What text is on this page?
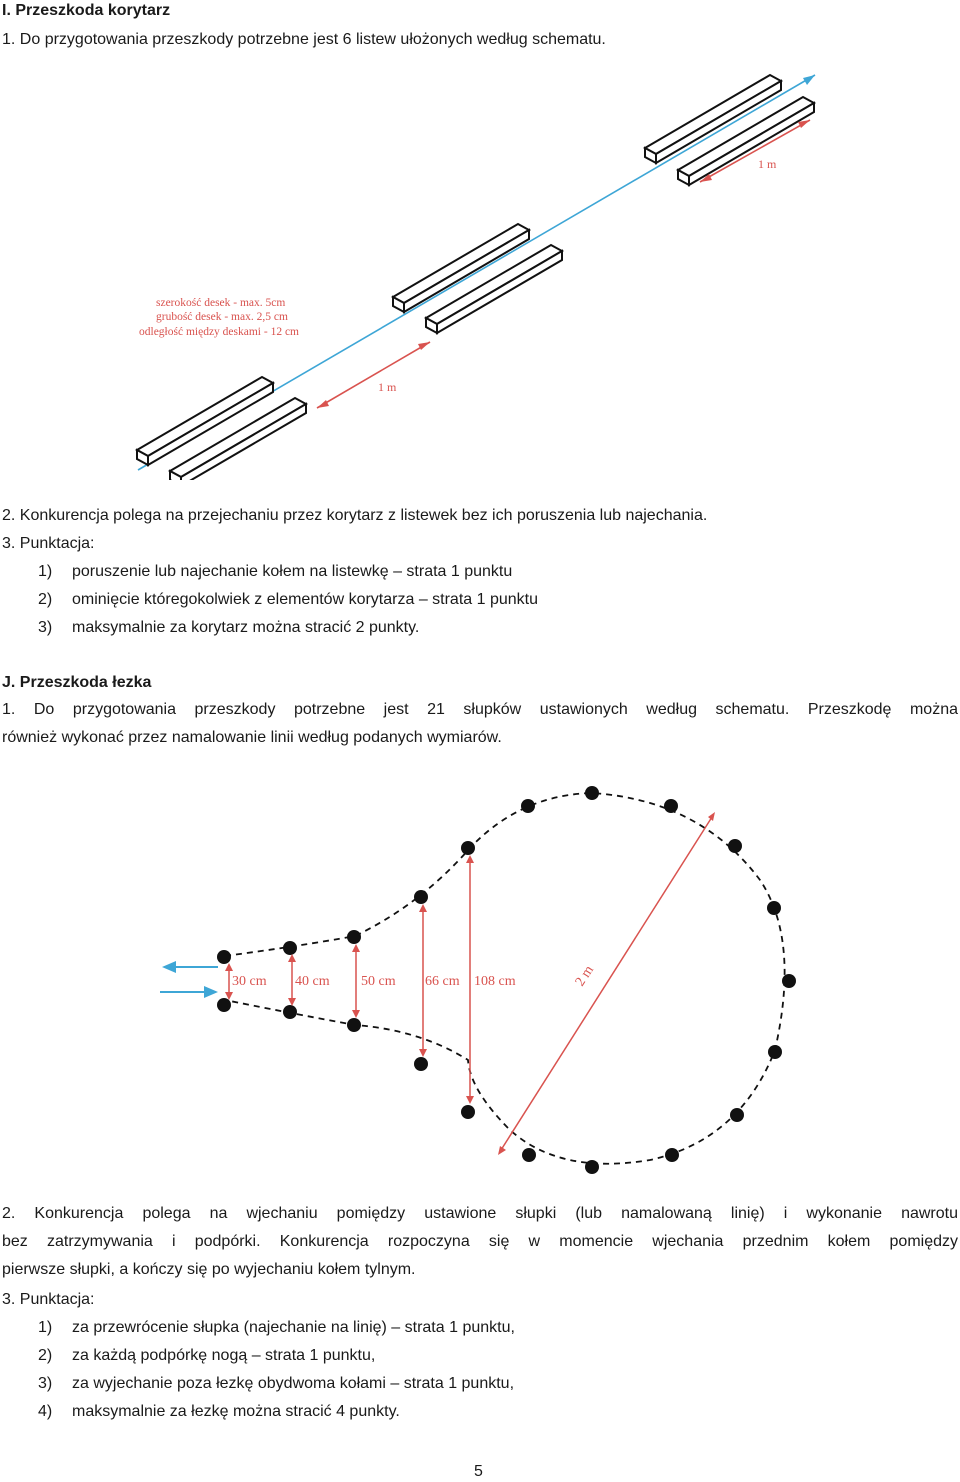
I. Przeszkoda korytarz
1. Do przygotowania przeszkody potrzebne jest 6 listew ułożonych według schematu.
1 m
1 m
szerokość desek - max. 5cm
grubość desek - max. 2,5 cm
odległość między deskami - 12 cm
2. Konkurencja polega na przejechaniu przez korytarz z listewek bez ich poruszenia lub najechania.
3. Punktacja:
1) poruszenie lub najechanie kołem na listewkę – strata 1 punktu
2) ominięcie któregokolwiek z elementów korytarza – strata 1 punktu
3) maksymalnie za korytarz można stracić 2 punkty.
J. Przeszkoda łezka
1. Do przygotowania przeszkody potrzebne jest 21 słupków ustawionych według schematu. Przeszkodę można
również wykonać przez namalowanie linii według podanych wymiarów.
30 cm 40 cm 50 cm 66 cm 108 cm	2 m
2. Konkurencja polega na wjechaniu pomiędzy ustawione słupki (lub namalowaną linię) i wykonanie nawrotu
bez zatrzymywania i podpórki. Konkurencja rozpoczyna się w momencie wjechania przednim kołem pomiędzy
pierwsze słupki, a kończy się po wyjechaniu kołem tylnym.
3. Punktacja:
1) za przewrócenie słupka (najechanie na linię) – strata 1 punktu,
2) za każdą podpórkę nogą – strata 1 punktu,
3) za wyjechanie poza łezkę obydwoma kołami – strata 1 punktu,
4) maksymalnie za łezkę można stracić 4 punkty.
5
